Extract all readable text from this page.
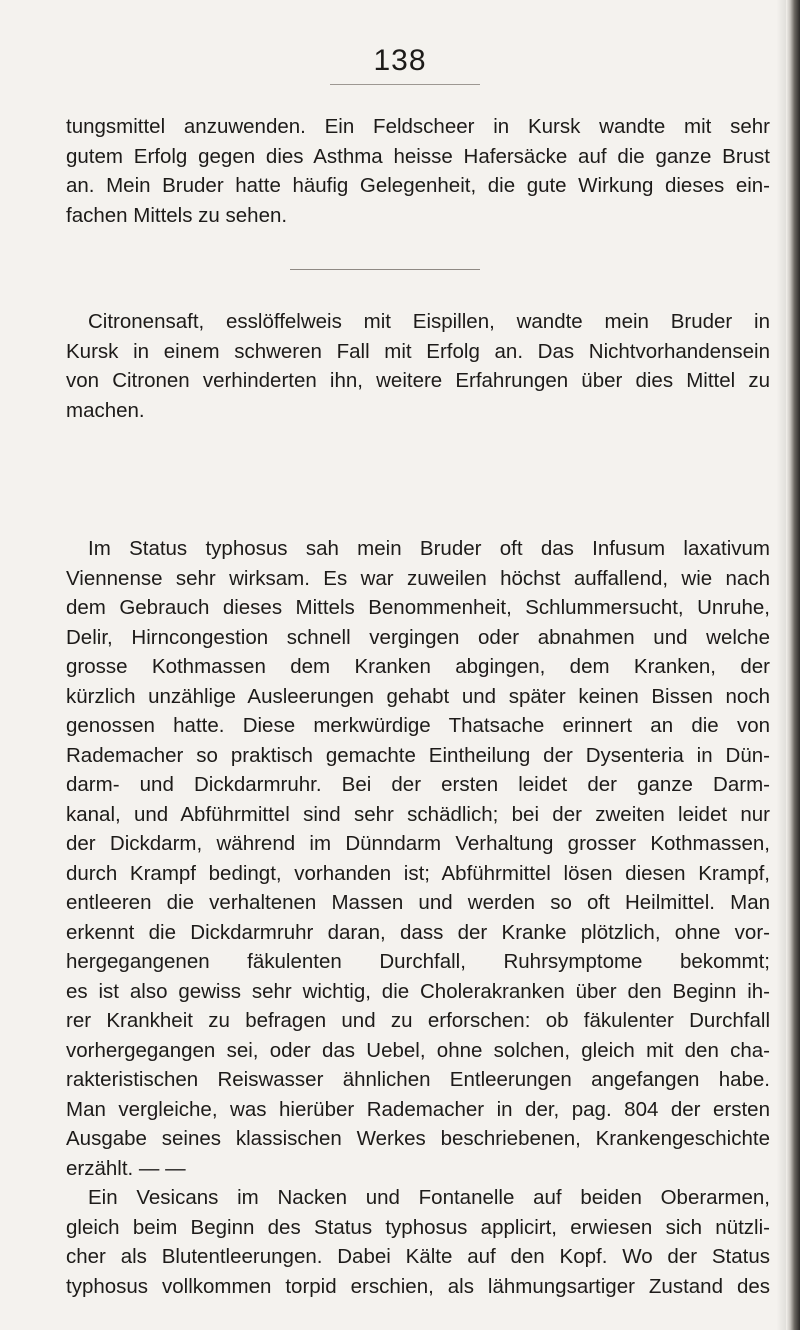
138
tungsmittel anzuwenden. Ein Feldscheer in Kursk wandte mit sehr
gutem Erfolg gegen dies Asthma heisse Hafersäcke auf die ganze Brust
an. Mein Bruder hatte häufig Gelegenheit, die gute Wirkung dieses ein-
fachen Mittels zu sehen.
Citronensaft, esslöffelweis mit Eispillen, wandte mein Bruder in
Kursk in einem schweren Fall mit Erfolg an. Das Nichtvorhandensein
von Citronen verhinderten ihn, weitere Erfahrungen über dies Mittel zu
machen.
Im Status typhosus sah mein Bruder oft das Infusum laxativum
Viennense sehr wirksam. Es war zuweilen höchst auffallend, wie nach
dem Gebrauch dieses Mittels Benommenheit, Schlummersucht, Unruhe,
Delir, Hirncongestion schnell vergingen oder abnahmen und welche
grosse Kothmassen dem Kranken abgingen, dem Kranken, der
kürzlich unzählige Ausleerungen gehabt und später keinen Bissen noch
genossen hatte. Diese merkwürdige Thatsache erinnert an die von
Rademacher so praktisch gemachte Eintheilung der Dysenteria in Dün-
darm- und Dickdarmruhr. Bei der ersten leidet der ganze Darm-
kanal, und Abführmittel sind sehr schädlich; bei der zweiten leidet nur
der Dickdarm, während im Dünndarm Verhaltung grosser Kothmassen,
durch Krampf bedingt, vorhanden ist; Abführmittel lösen diesen Krampf,
entleeren die verhaltenen Massen und werden so oft Heilmittel. Man
erkennt die Dickdarmruhr daran, dass der Kranke plötzlich, ohne vor-
hergegangenen fäkulenten Durchfall, Ruhrsymptome bekommt;
es ist also gewiss sehr wichtig, die Cholerakranken über den Beginn ih-
rer Krankheit zu befragen und zu erforschen: ob fäkulenter Durchfall
vorhergegangen sei, oder das Uebel, ohne solchen, gleich mit den cha-
rakteristischen Reiswasser ähnlichen Entleerungen angefangen habe.
Man vergleiche, was hierüber Rademacher in der, pag. 804 der ersten
Ausgabe seines klassischen Werkes beschriebenen, Krankengeschichte
erzählt. — —
Ein Vesicans im Nacken und Fontanelle auf beiden Oberarmen,
gleich beim Beginn des Status typhosus applicirt, erwiesen sich nützli-
cher als Blutentleerungen. Dabei Kälte auf den Kopf. Wo der Status
typhosus vollkommen torpid erschien, als lähmungsartiger Zustand des
